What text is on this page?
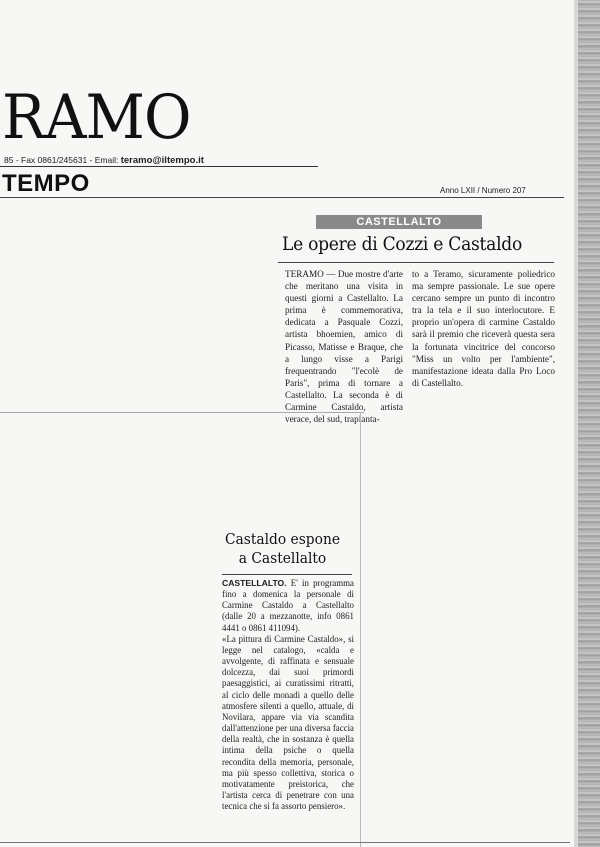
RAMO
85 - Fax 0861/245631 - Email: teramo@iltempo.it
TEMPO	Anno LXII / Numero 207
CASTELLALTO
Le opere di Cozzi e Castaldo
TERAMO — Due mostre d'arte che meritano una visita in questi giorni a Castellalto. La prima è commemorativa, dedicata a Pasquale Cozzi, artista bhoemien, amico di Picasso, Matisse e Braque, che a lungo visse a Parigi frequentrando "l'ecolè de Paris", prima di tornare a Castellalto. La seconda è di Carmine Castaldo, artista verace, del sud, trapianta-
to a Teramo, sicuramente poliedrico ma sempre passionale. Le sue opere cercano sempre un punto di incontro tra la tela e il suo interlocutore. E proprio un'opera di carmine Castaldo sarà il premio che riceverà questa sera la fortunata vincitrice del concorso "Miss un volto per l'ambiente", manifestazione ideata dalla Pro Loco di Castellalto.
Castaldo espone
a Castellalto
CASTELLALTO. E' in programma fino a domenica la personale di Carmine Castaldo a Castellalto (dalle 20 a mezzanotte, info 0861 4441 o 0861 411094).
«La pittura di Carmine Castaldo», si legge nel catalogo, «calda e avvolgente, di raffinata e sensuale dolcezza, dai suoi primordi paesaggistici, ai curatissimi ritratti, al ciclo delle monadi a quello delle atmosfere silenti a quello, attuale, di Novilara, appare via via scandita dall'attenzione per una diversa faccia della realtà, che in sostanza è quella intima della psiche o quella recondita della memoria, personale, ma più spesso collettiva, storica o motivatamente preistorica, che l'artista cerca di penetrare con una tecnica che si fa assorto pensiero».
